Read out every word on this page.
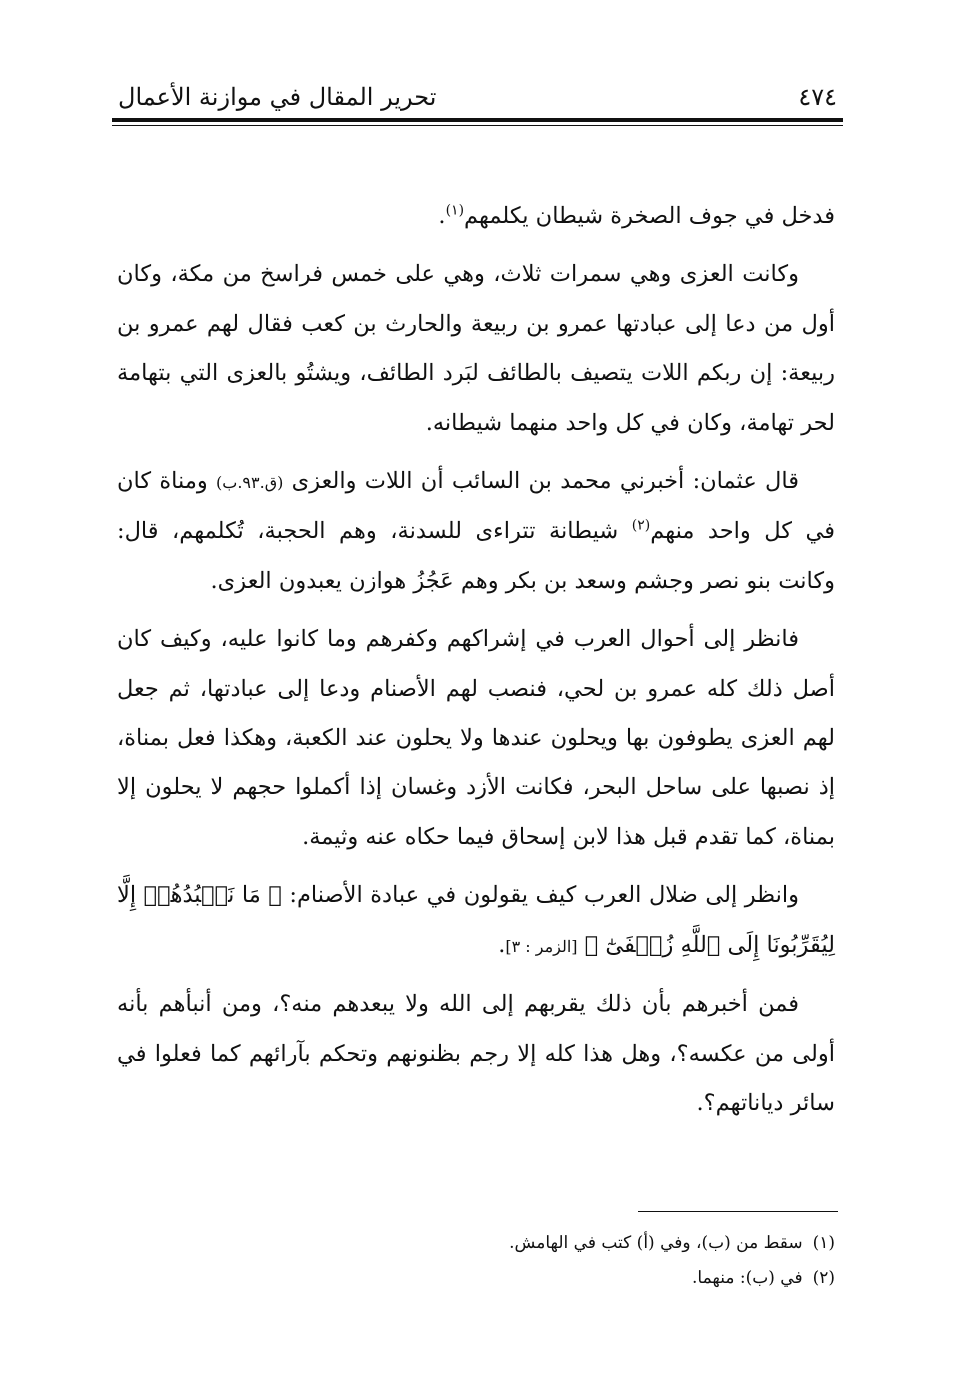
٤٧٤
تحرير المقال في موازنة الأعمال

فدخل في جوف الصخرة شيطان يكلمهم$^{(١)}$.

وكانت العزى وهي سمرات ثلاث، وهي على خمس فراسخ من مكة، وكان أول من دعا إلى عبادتها عمرو بن ربيعة والحارث بن كعب فقال لهم عمرو بن ربيعة: إن ربكم اللات يتصيف بالطائف لبَرد الطائف، ويشتُو بالعزى التي بتهامة لحر تهامة، وكان في كل واحد منهما شيطانه.

قال عثمان: أخبرني محمد بن السائب أن اللات والعزى (ق.٩٣.ب) ومناة كان في كل واحد منهم$^{(٢)}$ شيطانة تتراءى للسدنة، وهم الحجبة، تُكلمهم، قال: وكانت بنو نصر وجشم وسعد بن بكر وهم عَجُزُ هوازن يعبدون العزى.

فانظر إلى أحوال العرب في إشراكهم وكفرهم وما كانوا عليه، وكيف كان أصل ذلك كله عمرو بن لحي، فنصب لهم الأصنام ودعا إلى عبادتها، ثم جعل لهم العزى يطوفون بها ويحلون عندها ولا يحلون عند الكعبة، وهكذا فعل بمناة، إذ نصبها على ساحل البحر، فكانت الأزد وغسان إذا أكملوا حجهم لا يحلون إلا بمناة، كما تقدم قبل هذا لابن إسحاق فيما حكاه عنه وثيمة.

وانظر إلى ضلال العرب كيف يقولون في عبادة الأصنام: ﴿ مَا نَعۡبُدُهُمۡ إِلَّا لِيُقَرِّبُونَا إِلَى ٱللَّهِ زُلۡفَىٰٓ ﴾ [الزمر : ٣].

فمن أخبرهم بأن ذلك يقربهم إلى الله ولا يبعدهم منه؟، ومن أنبأهم بأنه أولى من عكسه؟، وهل هذا كله إلا رجم بظنونهم وتحكم بآرائهم كما فعلوا في سائر دياناتهم؟.

(١)سقط من (ب)، وفي (أ) كتب في الهامش.
(٢)في (ب): منهما.
